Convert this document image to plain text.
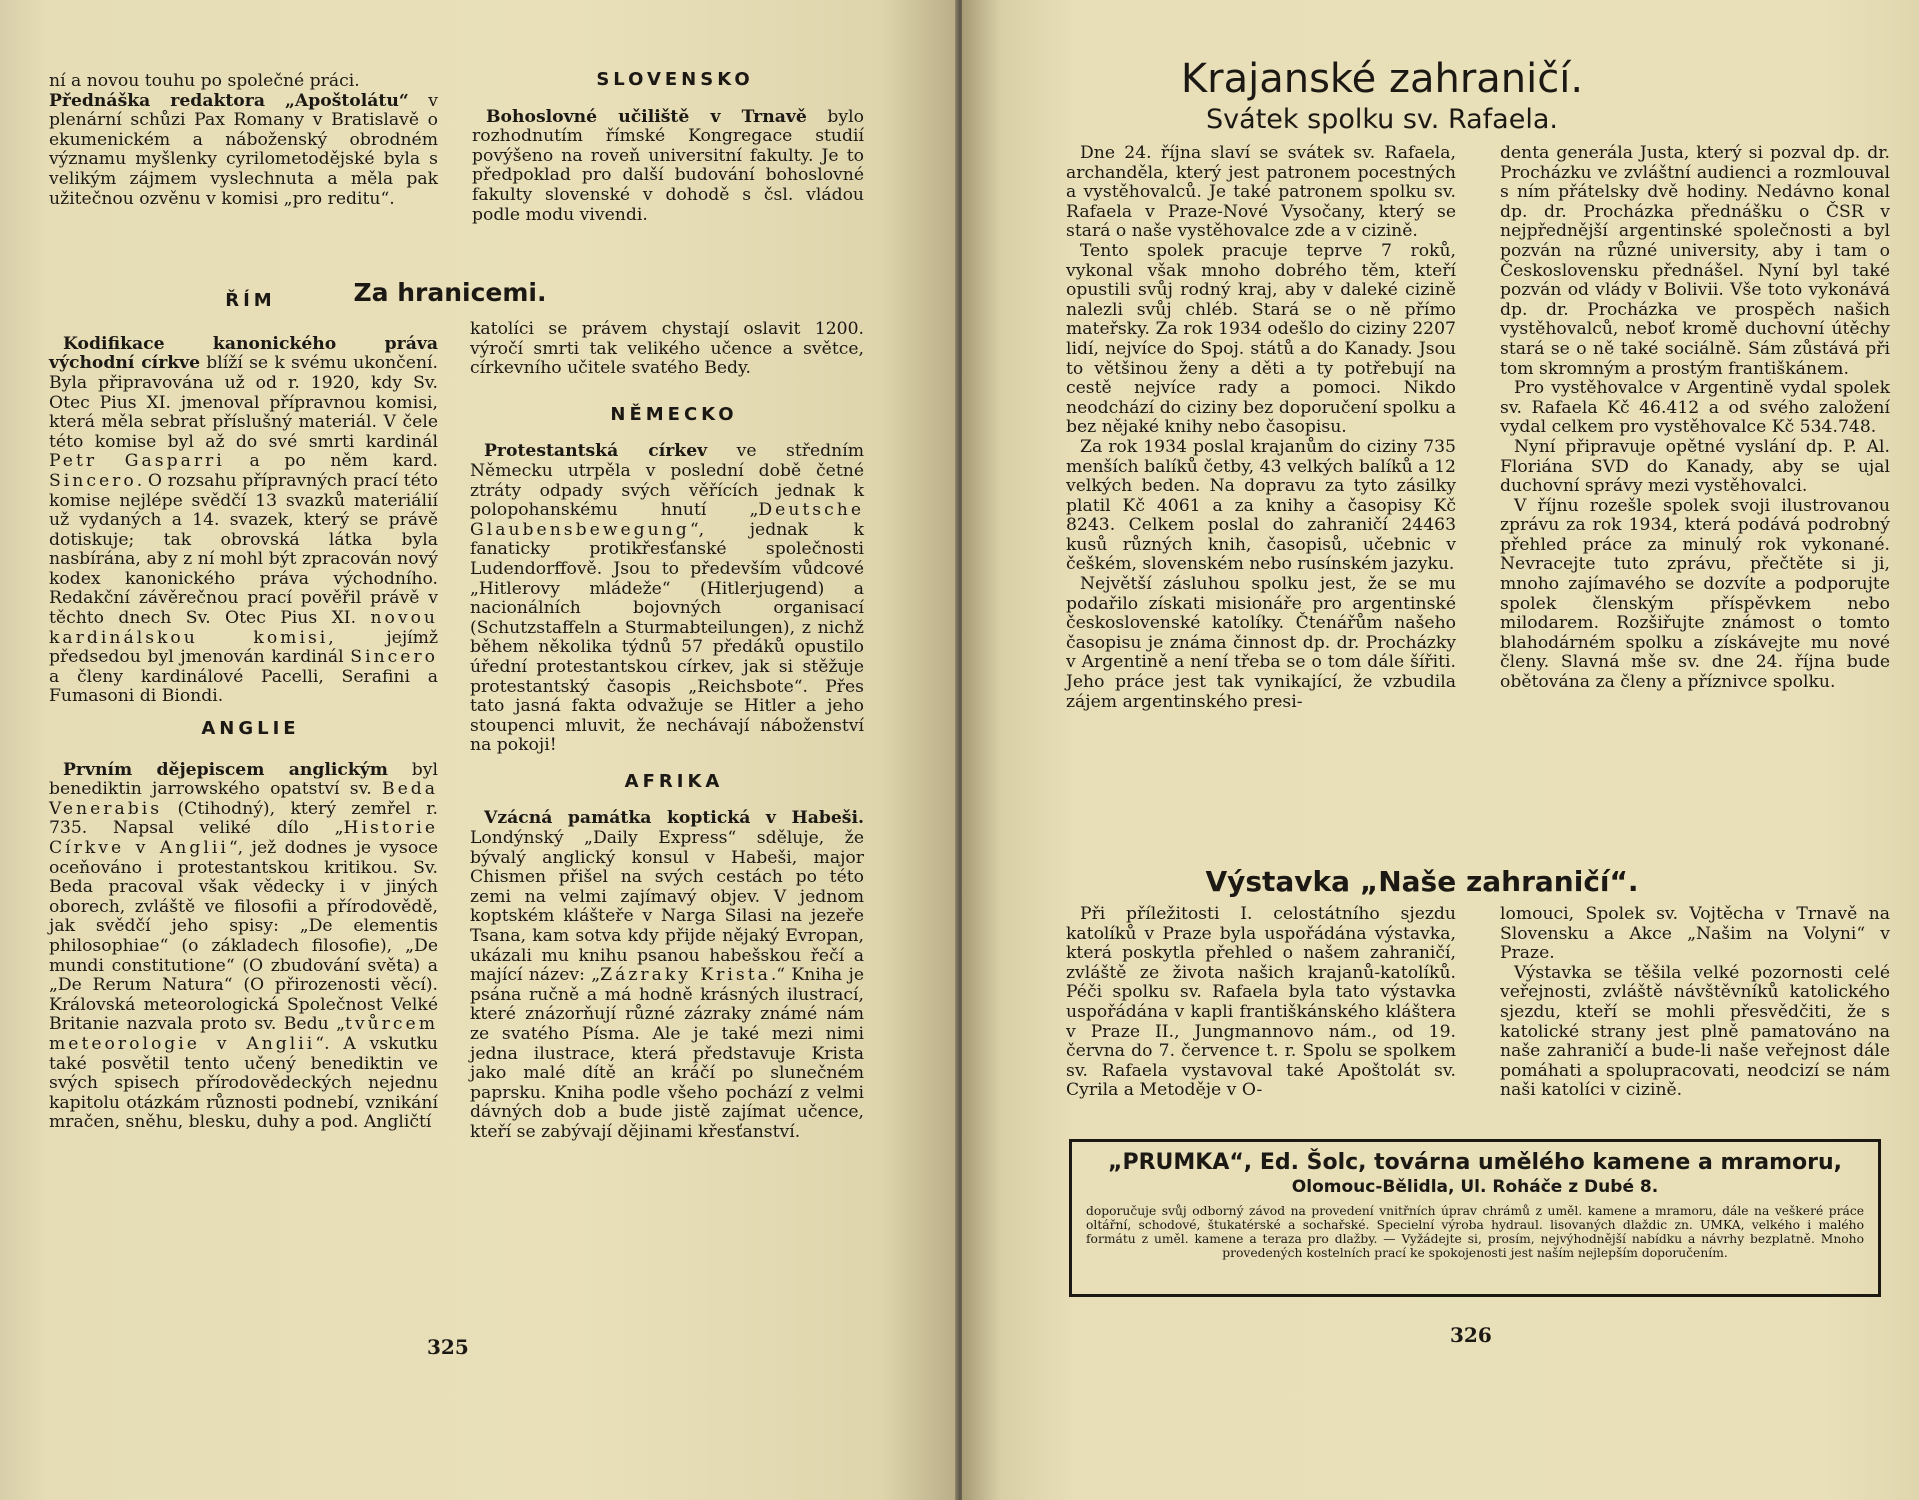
ní a novou touhu po společné práci.
Přednáška redaktora „Apoštolátu“ v plenární schůzi Pax Romany v Bratislavě o ekumenickém a náboženský obrodném významu myšlenky cyrilometodějské byla s velikým zájmem vyslechnuta a měla pak užitečnou ozvěnu v komisi „pro reditu“.

ŘÍM

Kodifikace kanonického práva východní církve blíží se k svému ukončení. Byla připravována už od r. 1920, kdy Sv. Otec Pius XI. jmenoval přípravnou komisi, která měla sebrat příslušný materiál. V čele této komise byl až do své smrti kardinál Petr Gasparri a po něm kard. Sincero. O rozsahu přípravných prací této komise nejlépe svědčí 13 svazků materiálií už vydaných a 14. svazek, který se právě dotiskuje; tak obrovská látka byla nasbírána, aby z ní mohl být zpracován nový kodex kanonického práva východního. Redakční závěrečnou prací pověřil právě v těchto dnech Sv. Otec Pius XI. novou kardinálskou komisi, jejímž předsedou byl jmenován kardinál Sincero a členy kardinálové Pacelli, Serafini a Fumasoni di Biondi.

ANGLIE

Prvním dějepiscem anglickým byl benediktin jarrowského opatství sv. Beda Venerabis (Ctihodný), který zemřel r. 735. Napsal veliké dílo „Historie Církve v Anglii“, jež dodnes je vysoce oceňováno i protestantskou kritikou. Sv. Beda pracoval však vědecky i v jiných oborech, zvláště ve filosofii a přírodovědě, jak svědčí jeho spisy: „De elementis philosophiae“ (o základech filosofie), „De mundi constitutione“ (O zbudování světa) a „De Rerum Natura“ (O přirozenosti věcí). Královská meteorologická Společnost Velké Britanie nazvala proto sv. Bedu „tvůrcem meteorologie v Anglii“. A vskutku také posvětil tento učený benediktin ve svých spisech přírodovědeckých nejednu kapitolu otázkám různosti podnebí, vznikání mračen, sněhu, blesku, duhy a pod. Angličtí

SLOVENSKO

Bohoslovné učiliště v Trnavě bylo rozhodnutím římské Kongregace studií povýšeno na roveň universitní fakulty. Je to předpoklad pro další budování bohoslovné fakulty slovenské v dohodě s čsl. vládou podle modu vivendi.

Za hranicemi.

katolíci se právem chystají oslavit 1200. výročí smrti tak velikého učence a světce, církevního učitele svatého Bedy.

NĚMECKO

Protestantská církev ve středním Německu utrpěla v poslední době četné ztráty odpady svých věřících jednak k polopohanskému hnutí „Deutsche Glaubensbewegung“, jednak k fanaticky protikřesťanské společnosti Ludendorffově. Jsou to především vůdcové „Hitlerovy mládeže“ (Hitlerjugend) a nacionálních bojovných organisací (Schutzstaffeln a Sturmabteilungen), z nichž během několika týdnů 57 předáků opustilo úřední protestantskou církev, jak si stěžuje protestantský časopis „Reichsbote“. Přes tato jasná fakta odvažuje se Hitler a jeho stoupenci mluvit, že nechávají náboženství na pokoji!

AFRIKA

Vzácná památka koptická v Habeši. Londýnský „Daily Express“ sděluje, že bývalý anglický konsul v Habeši, major Chismen přišel na svých cestách po této zemi na velmi zajímavý objev. V jednom koptském klášteře v Narga Silasi na jezeře Tsana, kam sotva kdy přijde nějaký Evropan, ukázali mu knihu psanou habešskou řečí a mající název: „Zázraky Krista.“ Kniha je psána ručně a má hodně krásných ilustrací, které znázorňují různé zázraky známé nám ze svatého Písma. Ale je také mezi nimi jedna ilustrace, která představuje Krista jako malé dítě an kráčí po slunečném paprsku. Kniha podle všeho pochází z velmi dávných dob a bude jistě zajímat učence, kteří se zabývají dějinami křesťanství.

325
Krajanské zahraničí.
Svátek spolku sv. Rafaela.

Dne 24. října slaví se svátek sv. Rafaela, archanděla, který jest patronem pocestných a vystěhovalců. Je také patronem spolku sv. Rafaela v Praze-Nové Vysočany, který se stará o naše vystěhovalce zde a v cizině.

Tento spolek pracuje teprve 7 roků, vykonal však mnoho dobrého těm, kteří opustili svůj rodný kraj, aby v daleké cizině nalezli svůj chléb. Stará se o ně přímo mateřsky. Za rok 1934 odešlo do ciziny 2207 lidí, nejvíce do Spoj. států a do Kanady. Jsou to většinou ženy a děti a ty potřebují na cestě nejvíce rady a pomoci. Nikdo neodchází do ciziny bez doporučení spolku a bez nějaké knihy nebo časopisu.

Za rok 1934 poslal krajanům do ciziny 735 menších balíků četby, 43 velkých balíků a 12 velkých beden. Na dopravu za tyto zásilky platil Kč 4061 a za knihy a časopisy Kč 8243. Celkem poslal do zahraničí 24463 kusů různých knih, časopisů, učebnic v češkém, slovenském nebo rusínském jazyku.

Největší zásluhou spolku jest, že se mu podařilo získati misionáře pro argentinské československé katolíky. Čtenářům našeho časopisu je známa činnost dp. dr. Procházky v Argentině a není třeba se o tom dále šířiti. Jeho práce jest tak vynikající, že vzbudila zájem argentinského presi-

denta generála Justa, který si pozval dp. dr. Procházku ve zvláštní audienci a rozmlouval s ním přátelsky dvě hodiny. Nedávno konal dp. dr. Procházka přednášku o ČSR v nejpřednější argentinské společnosti a byl pozván na různé university, aby i tam o Československu přednášel. Nyní byl také pozván od vlády v Bolivii. Vše toto vykonává dp. dr. Procházka ve prospěch našich vystěhovalců, neboť kromě duchovní útěchy stará se o ně také sociálně. Sám zůstává při tom skromným a prostým františkánem.

Pro vystěhovalce v Argentině vydal spolek sv. Rafaela Kč 46.412 a od svého založení vydal celkem pro vystěhovalce Kč 534.748.

Nyní připravuje opětné vyslání dp. P. Al. Floriána SVD do Kanady, aby se ujal duchovní správy mezi vystěhovalci.

V říjnu rozešle spolek svoji ilustrovanou zprávu za rok 1934, která podává podrobný přehled práce za minulý rok vykonané. Nevracejte tuto zprávu, přečtěte si ji, mnoho zajímavého se dozvíte a podporujte spolek členským příspěvkem nebo milodarem. Rozšiřujte známost o tomto blahodárném spolku a získávejte mu nové členy. Slavná mše sv. dne 24. října bude obětována za členy a příznivce spolku.

Výstavka „Naše zahraničí“.

Při příležitosti I. celostátního sjezdu katolíků v Praze byla uspořádána výstavka, která poskytla přehled o našem zahraničí, zvláště ze života našich krajanů-katolíků. Péči spolku sv. Rafaela byla tato výstavka uspořádána v kapli františkánského kláštera v Praze II., Jungmannovo nám., od 19. června do 7. července t. r. Spolu se spolkem sv. Rafaela vystavoval také Apoštolát sv. Cyrila a Metoděje v O-

lomouci, Spolek sv. Vojtěcha v Trnavě na Slovensku a Akce „Našim na Volyni“ v Praze.

Výstavka se těšila velké pozornosti celé veřejnosti, zvláště návštěvníků katolického sjezdu, kteří se mohli přesvědčiti, že s katolické strany jest plně pamatováno na naše zahraničí a bude-li naše veřejnost dále pomáhati a spolupracovati, neodcizí se nám naši katolíci v cizině.

326
„PRUMKA“, Ed. Šolc, továrna umělého kamene a mramoru,
Olomouc-Bělidla, Ul. Roháče z Dubé 8.
doporučuje svůj odborný závod na provedení vnitřních úprav chrámů z uměl. kamene a mramoru, dále na veškeré práce oltářní, schodové, štukatérské a sochařské. Specielní výroba hydraul. lisovaných dlaždic zn. UMKA, velkého i malého formátu z uměl. kamene a teraza pro dlažby. — Vyžádejte si, prosím, nejvýhodnější nabídku a návrhy bezplatně. Mnoho provedených kostelních prací ke spokojenosti jest naším nejlepším doporučením.
